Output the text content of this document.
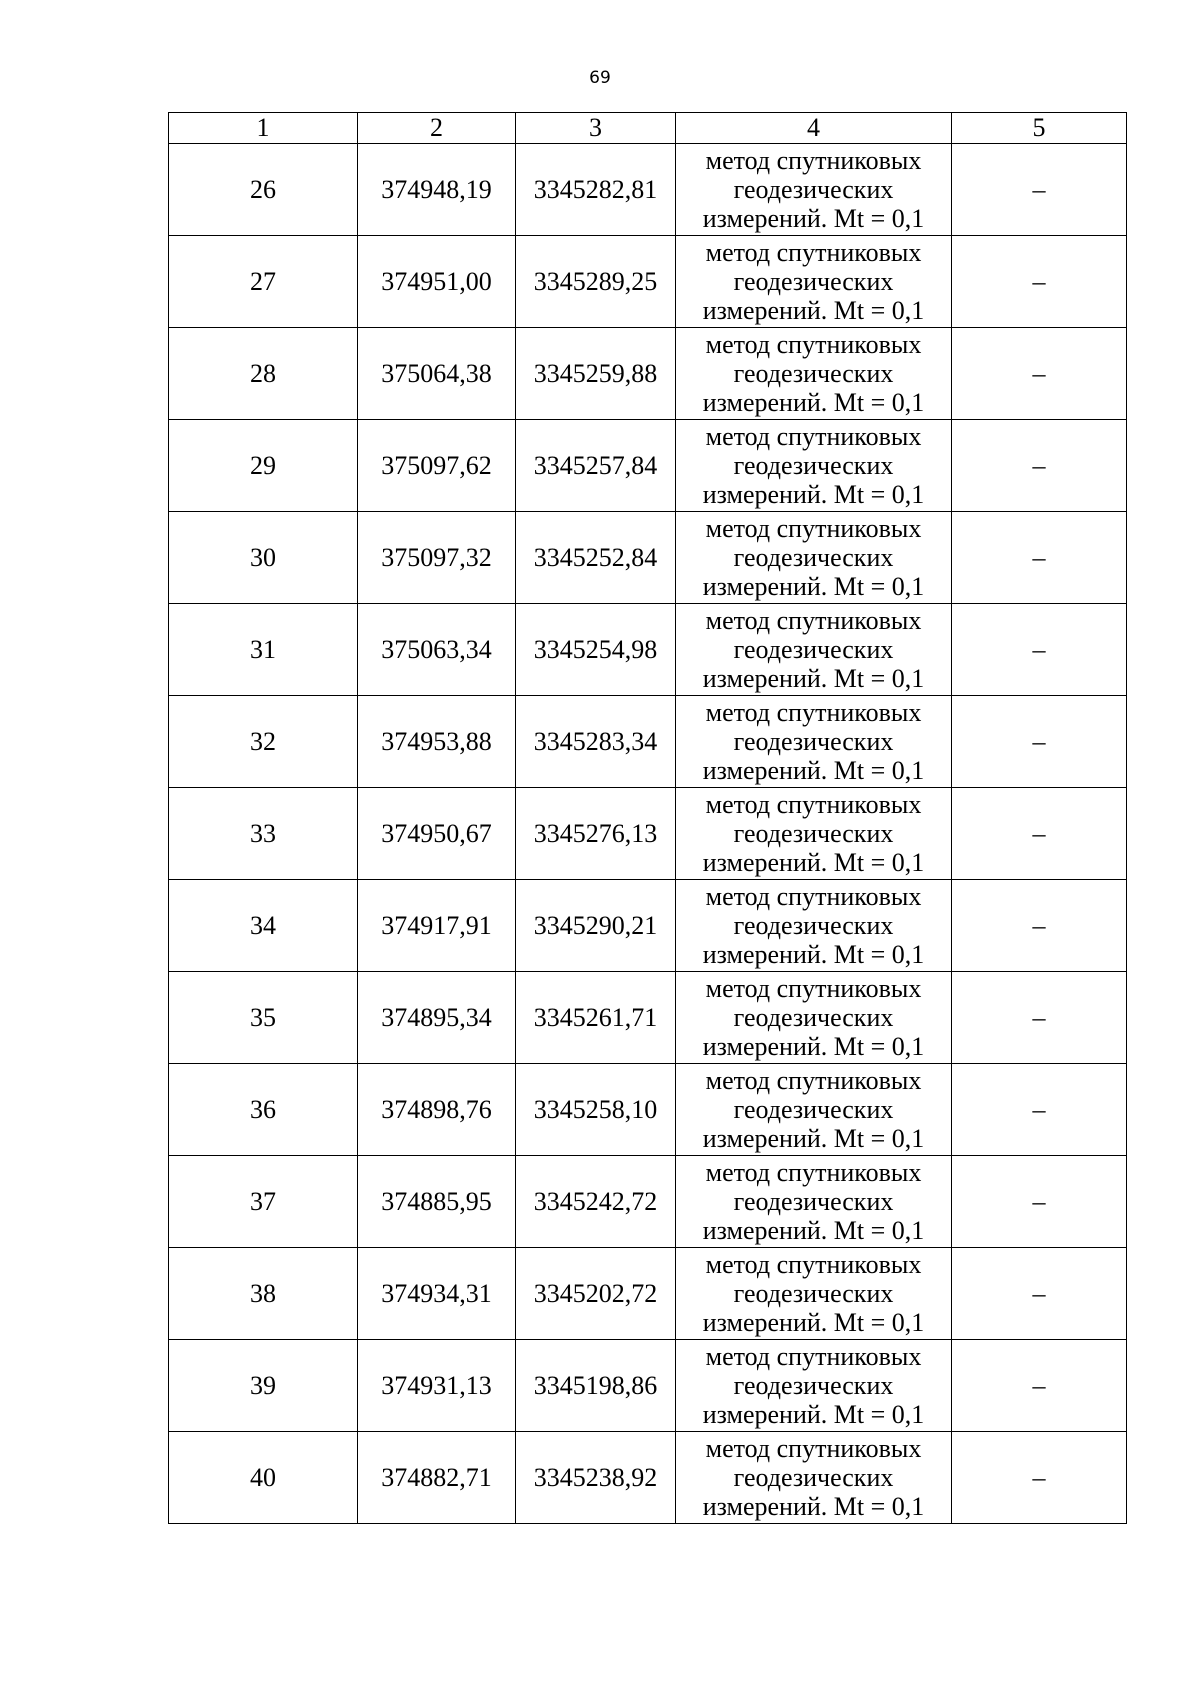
69
1	2	3	4	5
26	374948,19	3345282,81	метод спутниковых геодезических измерений. Mt = 0,1	–
27	374951,00	3345289,25	метод спутниковых геодезических измерений. Mt = 0,1	–
28	375064,38	3345259,88	метод спутниковых геодезических измерений. Mt = 0,1	–
29	375097,62	3345257,84	метод спутниковых геодезических измерений. Mt = 0,1	–
30	375097,32	3345252,84	метод спутниковых геодезических измерений. Mt = 0,1	–
31	375063,34	3345254,98	метод спутниковых геодезических измерений. Mt = 0,1	–
32	374953,88	3345283,34	метод спутниковых геодезических измерений. Mt = 0,1	–
33	374950,67	3345276,13	метод спутниковых геодезических измерений. Mt = 0,1	–
34	374917,91	3345290,21	метод спутниковых геодезических измерений. Mt = 0,1	–
35	374895,34	3345261,71	метод спутниковых геодезических измерений. Mt = 0,1	–
36	374898,76	3345258,10	метод спутниковых геодезических измерений. Mt = 0,1	–
37	374885,95	3345242,72	метод спутниковых геодезических измерений. Mt = 0,1	–
38	374934,31	3345202,72	метод спутниковых геодезических измерений. Mt = 0,1	–
39	374931,13	3345198,86	метод спутниковых геодезических измерений. Mt = 0,1	–
40	374882,71	3345238,92	метод спутниковых геодезических измерений. Mt = 0,1	–
